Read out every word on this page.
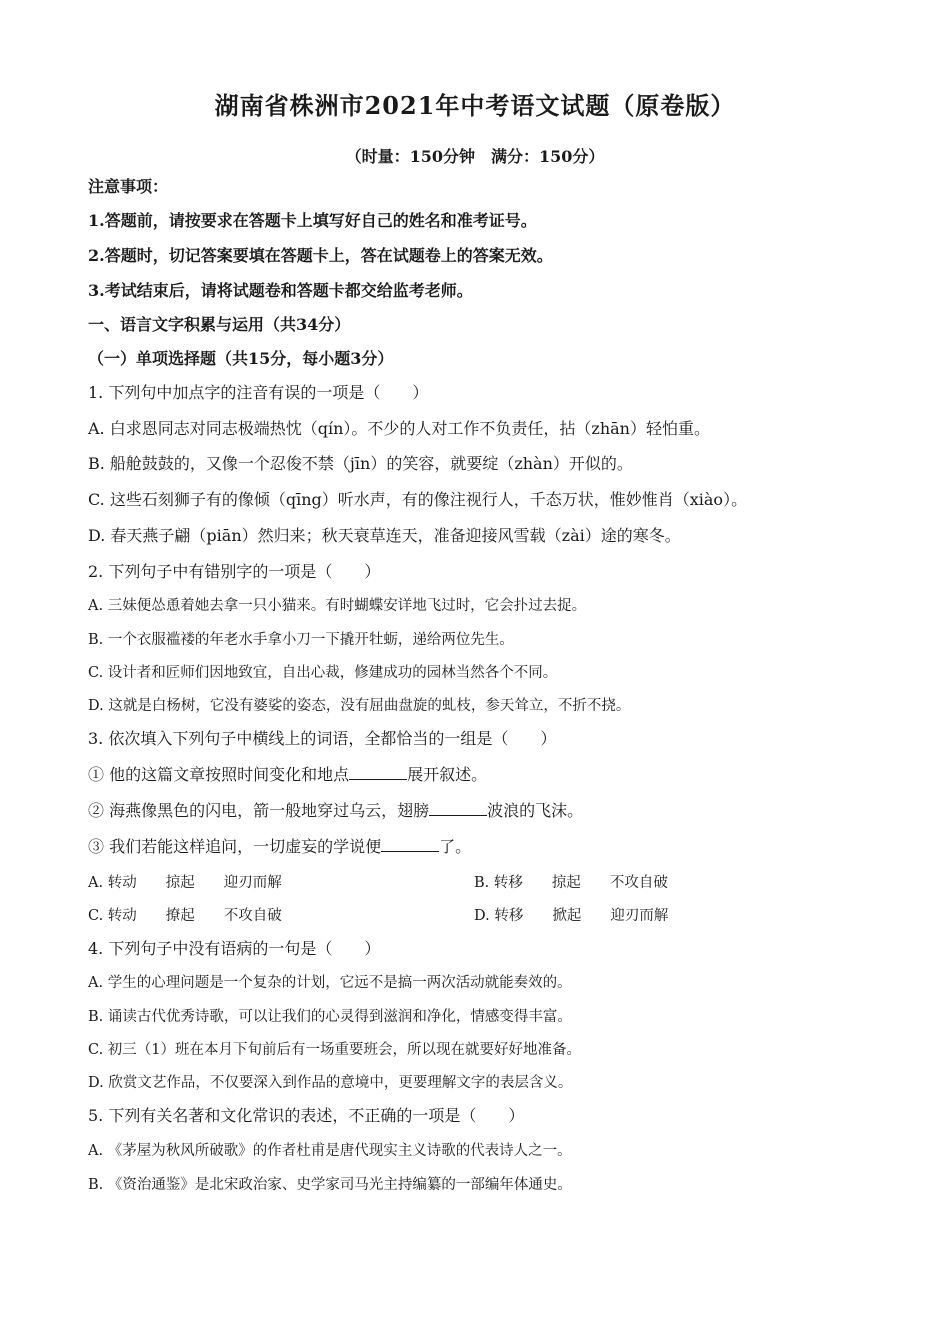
湖南省株洲市2021年中考语文试题（原卷版）
（时量：150分钟　满分：150分）
注意事项：
1.答题前，请按要求在答题卡上填写好自己的姓名和准考证号。
2.答题时，切记答案要填在答题卡上，答在试题卷上的答案无效。
3.考试结束后，请将试题卷和答题卡都交给监考老师。
一、语言文字积累与运用（共34分）
（一）单项选择题（共15分，每小题3分）
1. 下列句中加点字的注音有误的一项是（　　）
A. 白求恩同志对同志极端热忱（qín）。不少的人对工作不负责任，拈（zhān）轻怕重。
B. 船舱鼓鼓的，又像一个忍俊不禁（jīn）的笑容，就要绽（zhàn）开似的。
C. 这些石刻狮子有的像倾（qīng）听水声，有的像注视行人，千态万状，惟妙惟肖（xiào）。
D. 春天燕子翩（piān）然归来；秋天衰草连天，准备迎接风雪载（zài）途的寒冬。
2. 下列句子中有错别字的一项是（　　）
A. 三妹便怂恿着她去拿一只小猫来。有时蝴蝶安详地飞过时，它会扑过去捉。
B. 一个衣服褴褛的年老水手拿小刀一下撬开牡蛎，递给两位先生。
C. 设计者和匠师们因地致宜，自出心裁，修建成功的园林当然各个不同。
D. 这就是白杨树，它没有婆娑的姿态，没有屈曲盘旋的虬枝，参天耸立，不折不挠。
3. 依次填入下列句子中横线上的词语，全都恰当的一组是（　　）
① 他的这篇文章按照时间变化和地点	展开叙述。
② 海燕像黑色的闪电，箭一般地穿过乌云，翅膀	波浪的飞沫。
③ 我们若能这样追问，一切虚妄的学说便	了。
A. 转动　　掠起　　迎刃而解	B. 转移　　掠起　　不攻自破
C. 转动　　撩起　　不攻自破	D. 转移　　掀起　　迎刃而解
4. 下列句子中没有语病的一句是（　　）
A. 学生的心理问题是一个复杂的计划，它远不是搞一两次活动就能奏效的。
B. 诵读古代优秀诗歌，可以让我们的心灵得到滋润和净化，情感变得丰富。
C. 初三（1）班在本月下旬前后有一场重要班会，所以现在就要好好地准备。
D. 欣赏文艺作品，不仅要深入到作品的意境中，更要理解文字的表层含义。
5. 下列有关名著和文化常识的表述，不正确的一项是（　　）
A. 《茅屋为秋风所破歌》的作者杜甫是唐代现实主义诗歌的代表诗人之一。
B. 《资治通鉴》是北宋政治家、史学家司马光主持编纂的一部编年体通史。
